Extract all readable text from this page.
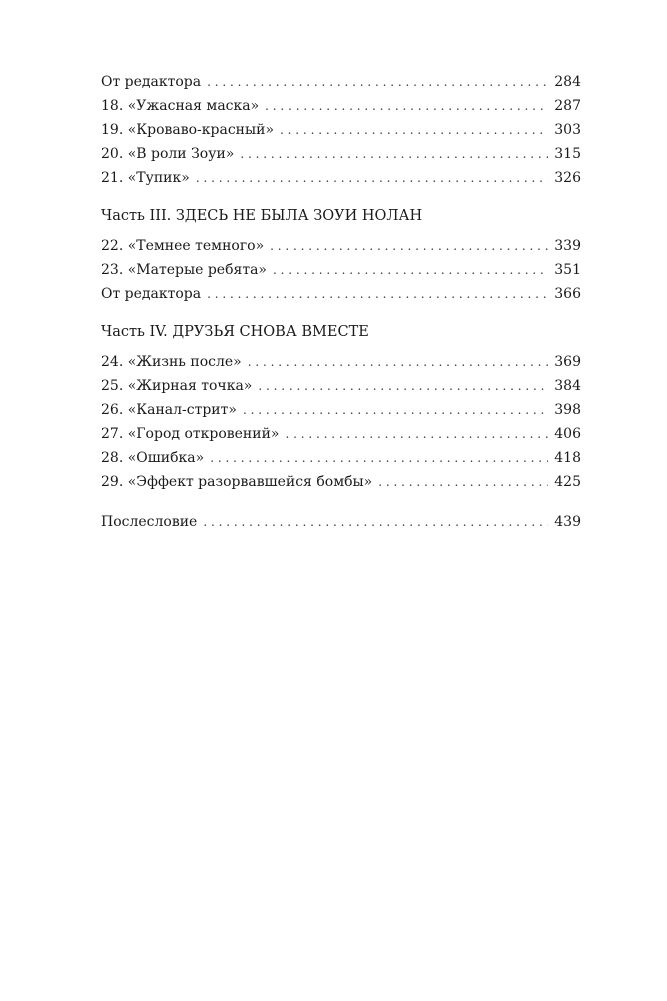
От редактора . . .	284
18. «Ужасная маска» . . .	287
19. «Кроваво-красный» . . .	303
20. «В роли Зоуи» . . .	315
21. «Тупик» . . .	326
Часть III. ЗДЕСЬ НЕ БЫЛА ЗОУИ НОЛАН
22. «Темнее темного» . . .	339
23. «Матерые ребята» . . .	351
От редактора . . .	366
Часть IV. ДРУЗЬЯ СНОВА ВМЕСТЕ
24. «Жизнь после» . . .	369
25. «Жирная точка» . . .	384
26. «Канал-стрит» . . .	398
27. «Город откровений» . . .	406
28. «Ошибка» . . .	418
29. «Эффект разорвавшейся бомбы» . . .	425
Послесловие . . .	439
